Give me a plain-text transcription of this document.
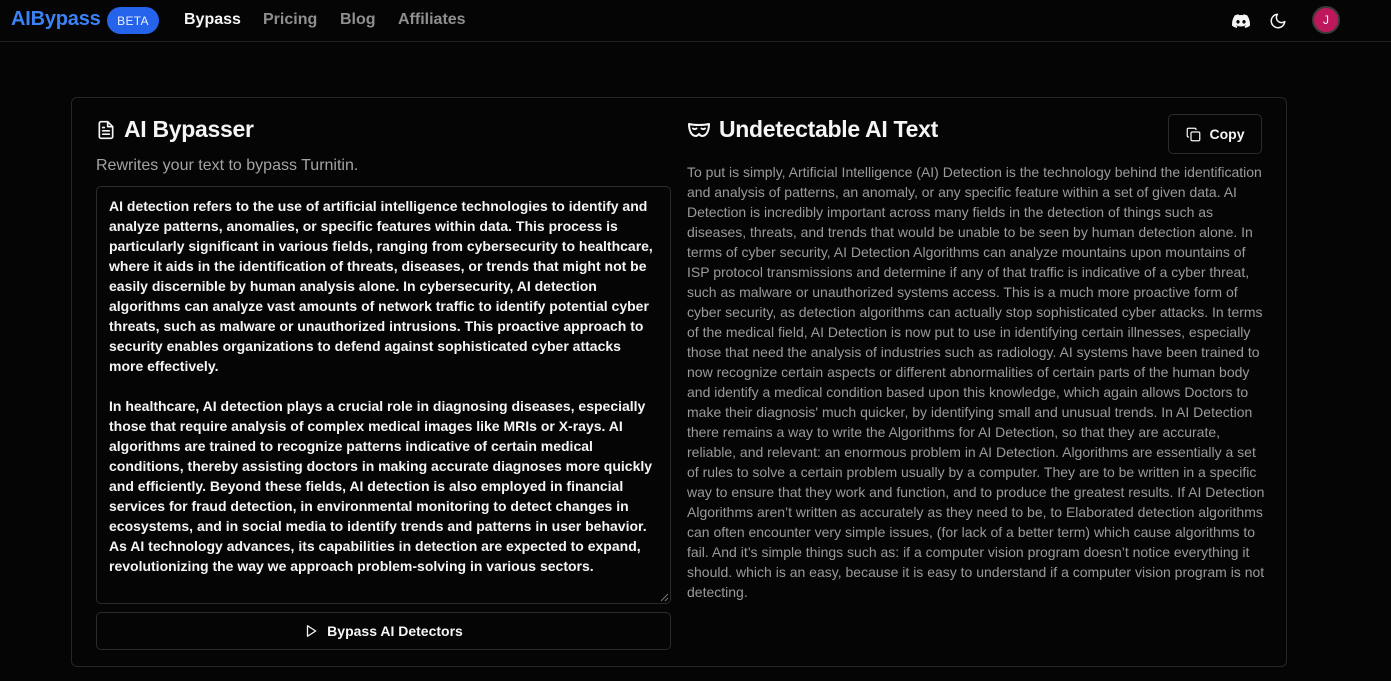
AIBypass	BETA	Bypass Pricing Blog Affiliates	J
AI Bypasser
Rewrites your text to bypass Turnitin.
AI detection refers to the use of artificial intelligence technologies to identify and analyze patterns, anomalies, or specific features within data. This process is particularly significant in various fields, ranging from cybersecurity to healthcare, where it aids in the identification of threats, diseases, or trends that might not be easily discernible by human analysis alone. In cybersecurity, AI detection algorithms can analyze vast amounts of network traffic to identify potential cyber threats, such as malware or unauthorized intrusions. This proactive approach to security enables organizations to defend against sophisticated cyber attacks more effectively.

In healthcare, AI detection plays a crucial role in diagnosing diseases, especially those that require analysis of complex medical images like MRIs or X-rays. AI algorithms are trained to recognize patterns indicative of certain medical conditions, thereby assisting doctors in making accurate diagnoses more quickly and efficiently. Beyond these fields, AI detection is also employed in financial services for fraud detection, in environmental monitoring to detect changes in ecosystems, and in social media to identify trends and patterns in user behavior. As AI technology advances, its capabilities in detection are expected to expand, revolutionizing the way we approach problem-solving in various sectors.
Bypass AI Detectors
Undetectable AI Text	Copy
To put is simply, Artificial Intelligence (AI) Detection is the technology behind the identification and analysis of patterns, an anomaly, or any specific feature within a set of given data. AI Detection is incredibly important across many fields in the detection of things such as diseases, threats, and trends that would be unable to be seen by human detection alone. In terms of cyber security, AI Detection Algorithms can analyze mountains upon mountains of ISP protocol transmissions and determine if any of that traffic is indicative of a cyber threat, such as malware or unauthorized systems access. This is a much more proactive form of cyber security, as detection algorithms can actually stop sophisticated cyber attacks. In terms of the medical field, AI Detection is now put to use in identifying certain illnesses, especially those that need the analysis of industries such as radiology. AI systems have been trained to now recognize certain aspects or different abnormalities of certain parts of the human body and identify a medical condition based upon this knowledge, which again allows Doctors to make their diagnosis' much quicker, by identifying small and unusual trends. In AI Detection there remains a way to write the Algorithms for AI Detection, so that they are accurate, reliable, and relevant: an enormous problem in AI Detection. Algorithms are essentially a set of rules to solve a certain problem usually by a computer. They are to be written in a specific way to ensure that they work and function, and to produce the greatest results. If AI Detection Algorithms aren’t written as accurately as they need to be, to Elaborated detection algorithms can often encounter very simple issues, (for lack of a better term) which cause algorithms to fail. And it’s simple things such as: if a computer vision program doesn’t notice everything it should. which is an easy, because it is easy to understand if a computer vision program is not detecting.
